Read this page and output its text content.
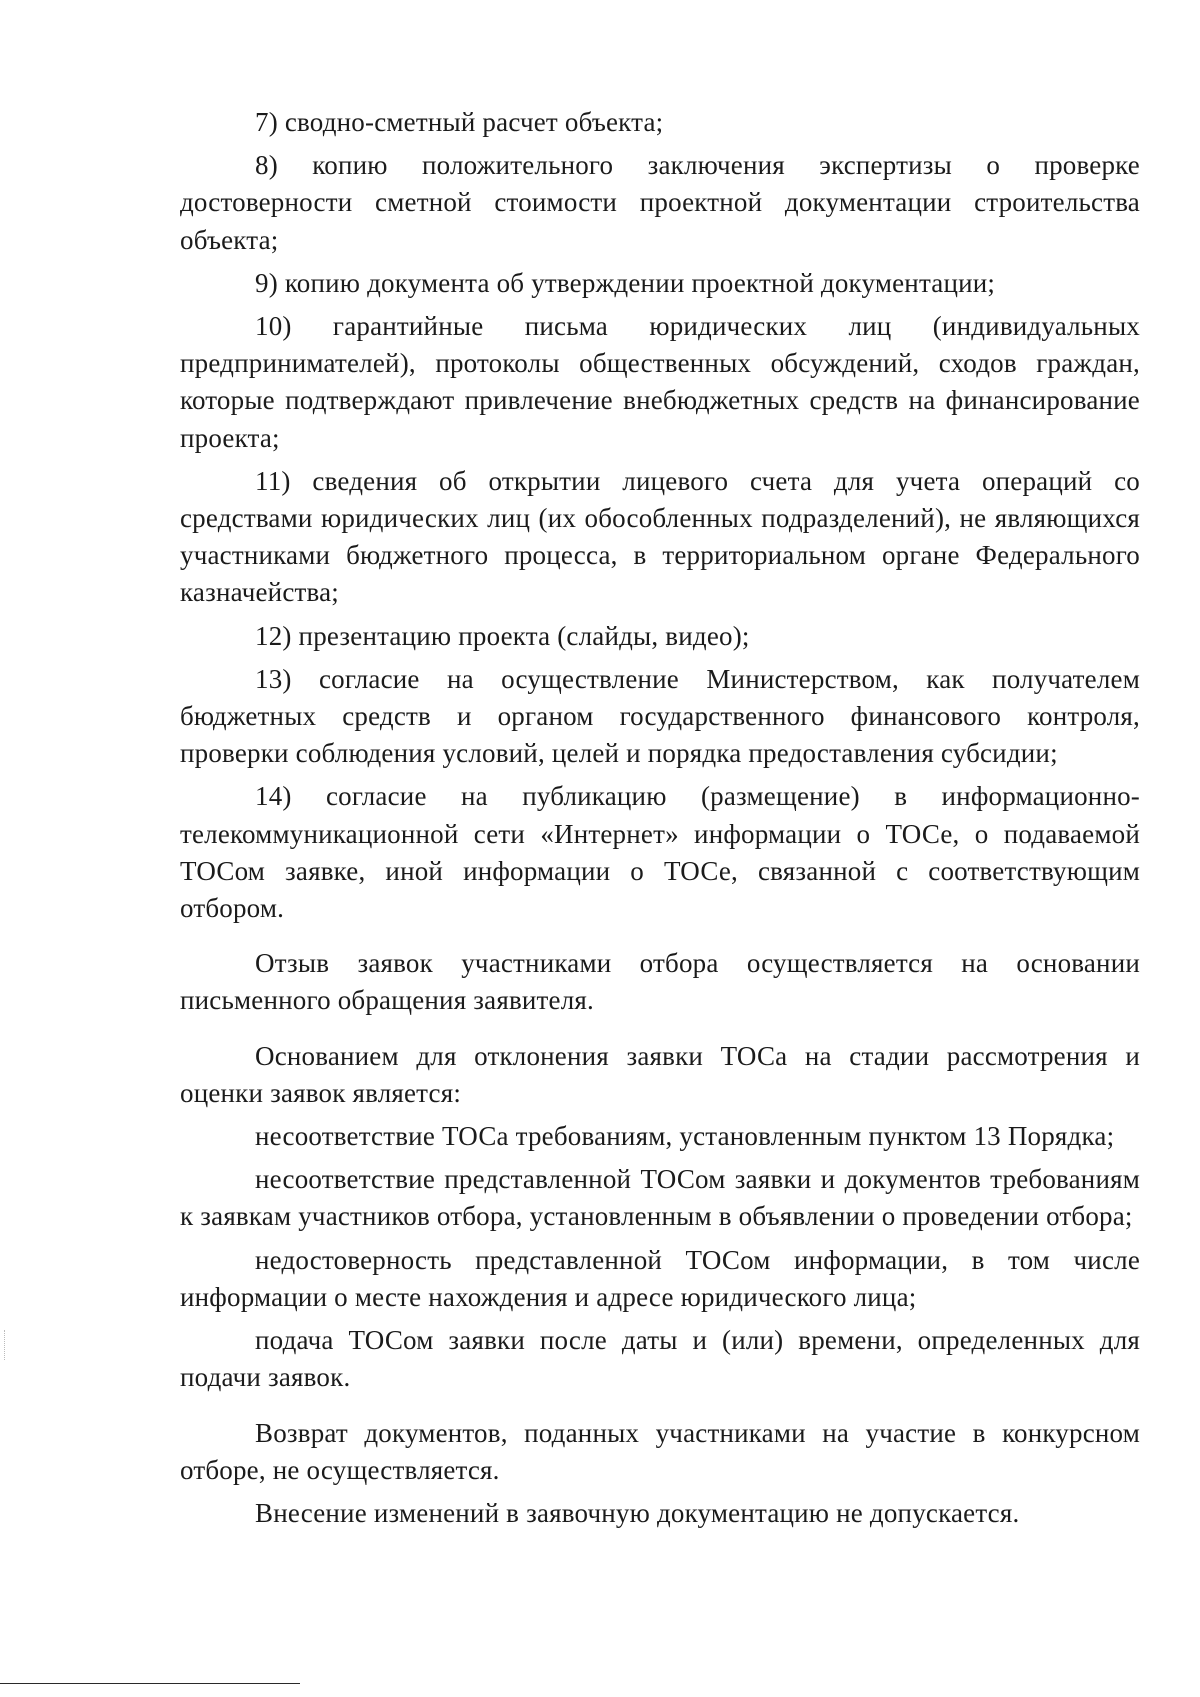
7) сводно-сметный расчет объекта;

8) копию положительного заключения экспертизы о проверке достоверности сметной стоимости проектной документации строительства объекта;

9) копию документа об утверждении проектной документации;

10) гарантийные письма юридических лиц (индивидуальных предпринимателей), протоколы общественных обсуждений, сходов граждан, которые подтверждают привлечение внебюджетных средств на финансирование проекта;

11) сведения об открытии лицевого счета для учета операций со средствами юридических лиц (их обособленных подразделений), не являющихся участниками бюджетного процесса, в территориальном органе Федерального казначейства;

12) презентацию проекта (слайды, видео);

13) согласие на осуществление Министерством, как получателем бюджетных средств и органом государственного финансового контроля, проверки соблюдения условий, целей и порядка предоставления субсидии;

14) согласие на публикацию (размещение) в информационно-телекоммуникационной сети «Интернет» информации о ТОСе, о подаваемой ТОСом заявке, иной информации о ТОСе, связанной с соответствующим отбором.

Отзыв заявок участниками отбора осуществляется на основании письменного обращения заявителя.

Основанием для отклонения заявки ТОСа на стадии рассмотрения и оценки заявок является:

несоответствие ТОСа требованиям, установленным пунктом 13 Порядка;

несоответствие представленной ТОСом заявки и документов требованиям к заявкам участников отбора, установленным в объявлении о проведении отбора;

недостоверность представленной ТОСом информации, в том числе информации о месте нахождения и адресе юридического лица;

подача ТОСом заявки после даты и (или) времени, определенных для подачи заявок.

Возврат документов, поданных участниками на участие в конкурсном отборе, не осуществляется.

Внесение изменений в заявочную документацию не допускается.
